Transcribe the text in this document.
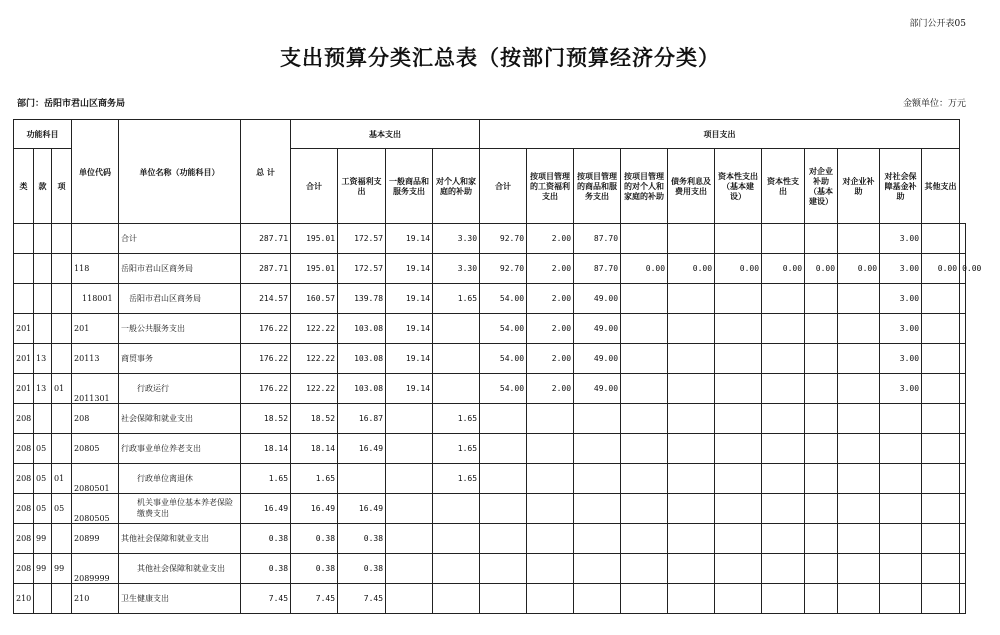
部门公开表05
支出预算分类汇总表（按部门预算经济分类）
部门：岳阳市君山区商务局	金额单位：万元
功能科目			单位代码	单位名称（功能科目）	总 计	基本支出				项目支出											
类	款	项				合计	工资福利支出	一般商品和服务支出	对个人和家庭的补助	合计	按项目管理的工资福利支出	按项目管理的商品和服务支出	按项目管理的对个人和家庭的补助	债务利息及费用支出	资本性支出（基本建设）	资本性支出	对企业补助（基本建设）	对企业补助	对社会保障基金补助	其他支出	
				合计	287.71	195.01	172.57	19.14	3.30	92.70	2.00	87.70							3.00		
			118	岳阳市君山区商务局	287.71	195.01	172.57	19.14	3.30	92.70	2.00	87.70	0.00	0.00	0.00	0.00	0.00	0.00	3.00	0.00	0.00
			118001	岳阳市君山区商务局	214.57	160.57	139.78	19.14	1.65	54.00	2.00	49.00							3.00		
201			201	一般公共服务支出	176.22	122.22	103.08	19.14		54.00	2.00	49.00							3.00		
201	13		20113	商贸事务	176.22	122.22	103.08	19.14		54.00	2.00	49.00							3.00		
201	13	01	2011301	行政运行	176.22	122.22	103.08	19.14		54.00	2.00	49.00							3.00		
208			208	社会保障和就业支出	18.52	18.52	16.87		1.65												
208	05		20805	行政事业单位养老支出	18.14	18.14	16.49		1.65												
208	05	01	2080501	行政单位离退休	1.65	1.65			1.65												
208	05	05	2080505	机关事业单位基本养老保险缴费支出	16.49	16.49	16.49														
208	99		20899	其他社会保障和就业支出	0.38	0.38	0.38														
208	99	99	2089999	其他社会保障和就业支出	0.38	0.38	0.38														
210			210	卫生健康支出	7.45	7.45	7.45														
